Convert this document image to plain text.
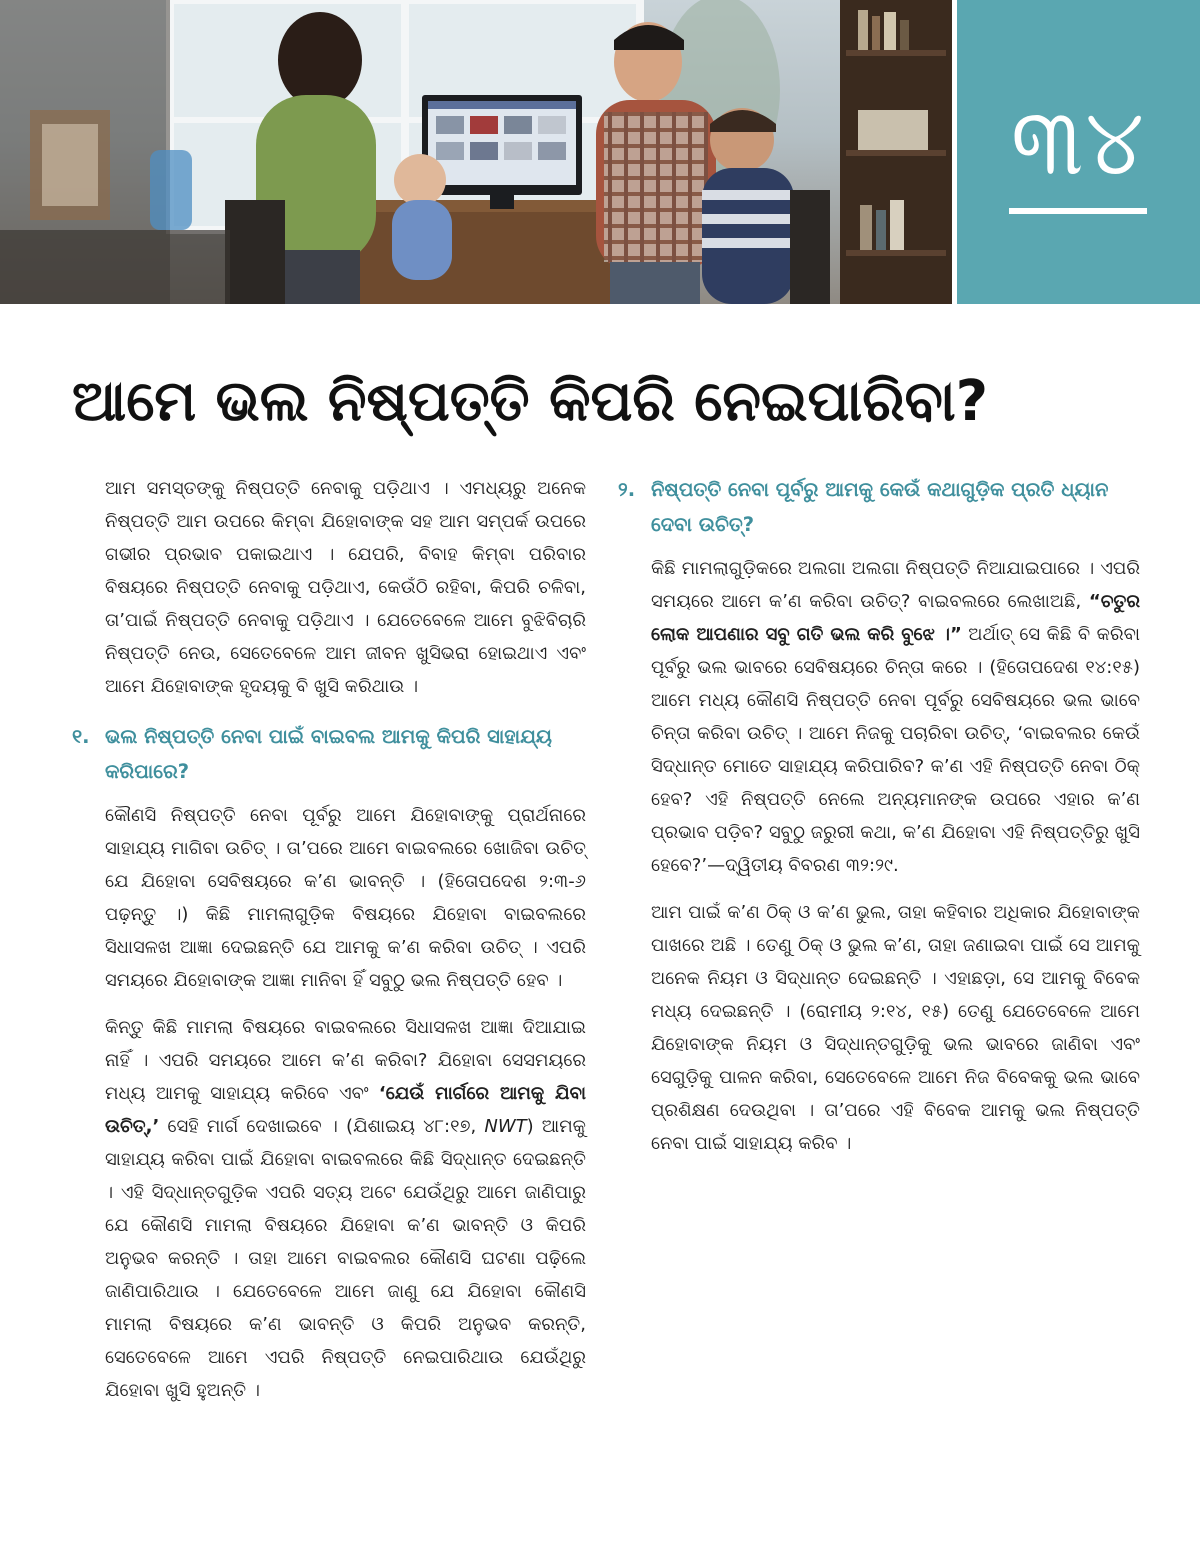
୩୪
ଆମେ ଭଲ ନିଷ୍ପତ୍ତି କିପରି ନେଇପାରିବା?

ଆମ ସମସ୍ତଙ୍କୁ ନିଷ୍ପତ୍ତି ନେବାକୁ ପଡ଼ିଥାଏ । ଏମଧ୍ୟରୁ ଅନେକ ନିଷ୍ପତ୍ତି ଆମ ଉପରେ କିମ୍ବା ଯିହୋବାଙ୍କ ସହ ଆମ ସମ୍ପର୍କ ଉପରେ ଗଭୀର ପ୍ରଭାବ ପକାଇଥାଏ । ଯେପରି, ବିବାହ କିମ୍ବା ପରିବାର ବିଷୟରେ ନିଷ୍ପତ୍ତି ନେବାକୁ ପଡ଼ିଥାଏ, କେଉଁଠି ରହିବା, କିପରି ଚଳିବା, ତା’ପାଇଁ ନିଷ୍ପତ୍ତି ନେବାକୁ ପଡ଼ିଥାଏ । ଯେତେବେଳେ ଆମେ ବୁଝିବିଚାରି ନିଷ୍ପତ୍ତି ନେଉ, ସେତେବେଳେ ଆମ ଜୀବନ ଖୁସିଭରା ହୋଇଥାଏ ଏବଂ ଆମେ ଯିହୋବାଙ୍କ ହୃଦୟକୁ ବି ଖୁସି କରିଥାଉ ।

୧. ଭଲ ନିଷ୍ପତ୍ତି ନେବା ପାଇଁ ବାଇବଲ ଆମକୁ କିପରି ସାହାଯ୍ୟ କରିପାରେ?

କୌଣସି ନିଷ୍ପତ୍ତି ନେବା ପୂର୍ବରୁ ଆମେ ଯିହୋବାଙ୍କୁ ପ୍ରାର୍ଥନାରେ ସାହାଯ୍ୟ ମାଗିବା ଉଚିତ୍‌ । ତା’ପରେ ଆମେ ବାଇବଲରେ ଖୋଜିବା ଉଚିତ୍‌ ଯେ ଯିହୋବା ସେବିଷୟରେ କ’ଣ ଭାବନ୍ତି । (ହିତୋପଦେଶ ୨:୩-୬ ପଢ଼ନ୍ତୁ ।) କିଛି ମାମଲାଗୁଡ଼ିକ ବିଷୟରେ ଯିହୋବା ବାଇବଲରେ ସିଧାସଳଖ ଆଜ୍ଞା ଦେଇଛନ୍ତି ଯେ ଆମକୁ କ’ଣ କରିବା ଉଚିତ୍‌ । ଏପରି ସମୟରେ ଯିହୋବାଙ୍କ ଆଜ୍ଞା ମାନିବା ହିଁ ସବୁଠୁ ଭଲ ନିଷ୍ପତ୍ତି ହେବ ।

କିନ୍ତୁ କିଛି ମାମଲା ବିଷୟରେ ବାଇବଲରେ ସିଧାସଳଖ ଆଜ୍ଞା ଦିଆଯାଇ ନାହିଁ । ଏପରି ସମୟରେ ଆମେ କ’ଣ କରିବା? ଯିହୋବା ସେସମୟରେ ମଧ୍ୟ ଆମକୁ ସାହାଯ୍ୟ କରିବେ ଏବଂ ‘ଯେଉଁ ମାର୍ଗରେ ଆମକୁ ଯିବା ଉଚିତ୍‌,’ ସେହି ମାର୍ଗ ଦେଖାଇବେ । (ଯିଶାଇୟ ୪୮:୧୭, NWT) ଆମକୁ ସାହାଯ୍ୟ କରିବା ପାଇଁ ଯିହୋବା ବାଇବଲରେ କିଛି ସିଦ୍ଧାନ୍ତ ଦେଇଛନ୍ତି । ଏହି ସିଦ୍ଧାନ୍ତଗୁଡ଼ିକ ଏପରି ସତ୍ୟ ଅଟେ ଯେଉଁଥିରୁ ଆମେ ଜାଣିପାରୁ ଯେ କୌଣସି ମାମଲା ବିଷୟରେ ଯିହୋବା କ’ଣ ଭାବନ୍ତି ଓ କିପରି ଅନୁଭବ କରନ୍ତି । ତାହା ଆମେ ବାଇବଲର କୌଣସି ଘଟଣା ପଢ଼ିଲେ ଜାଣିପାରିଥାଉ । ଯେତେବେଳେ ଆମେ ଜାଣୁ ଯେ ଯିହୋବା କୌଣସି ମାମଲା ବିଷୟରେ କ’ଣ ଭାବନ୍ତି ଓ କିପରି ଅନୁଭବ କରନ୍ତି, ସେତେବେଳେ ଆମେ ଏପରି ନିଷ୍ପତ୍ତି ନେଇପାରିଥାଉ ଯେଉଁଥିରୁ ଯିହୋବା ଖୁସି ହୁଅନ୍ତି ।

୨. ନିଷ୍ପତ୍ତି ନେବା ପୂର୍ବରୁ ଆମକୁ କେଉଁ କଥାଗୁଡ଼ିକ ପ୍ରତି ଧ୍ୟାନ ଦେବା ଉଚିତ୍‌?

କିଛି ମାମଲାଗୁଡ଼ିକରେ ଅଲଗା ଅଲଗା ନିଷ୍ପତ୍ତି ନିଆଯାଇପାରେ । ଏପରି ସମୟରେ ଆମେ କ’ଣ କରିବା ଉଚିତ୍‌? ବାଇବଲରେ ଲେଖାଅଛି, “ଚତୁର ଲୋକ ଆପଣାର ସବୁ ଗତି ଭଲ କରି ବୁଝେ ।” ଅର୍ଥାତ୍‌ ସେ କିଛି ବି କରିବା ପୂର୍ବରୁ ଭଲ ଭାବରେ ସେବିଷୟରେ ଚିନ୍ତା କରେ । (ହିତୋପଦେଶ ୧୪:୧୫) ଆମେ ମଧ୍ୟ କୌଣସି ନିଷ୍ପତ୍ତି ନେବା ପୂର୍ବରୁ ସେବିଷୟରେ ଭଲ ଭାବେ ଚିନ୍ତା କରିବା ଉଚିତ୍‌ । ଆମେ ନିଜକୁ ପଚାରିବା ଉଚିତ୍‌, ‘ବାଇବଲର କେଉଁ ସିଦ୍ଧାନ୍ତ ମୋତେ ସାହାଯ୍ୟ କରିପାରିବ? କ’ଣ ଏହି ନିଷ୍ପତ୍ତି ନେବା ଠିକ୍‌ ହେବ? ଏହି ନିଷ୍ପତ୍ତି ନେଲେ ଅନ୍ୟମାନଙ୍କ ଉପରେ ଏହାର କ’ଣ ପ୍ରଭାବ ପଡ଼ିବ? ସବୁଠୁ ଜରୁରୀ କଥା, କ’ଣ ଯିହୋବା ଏହି ନିଷ୍ପତ୍ତିରୁ ଖୁସି ହେବେ?’—ଦ୍ୱିତୀୟ ବିବରଣ ୩୨:୨୯.

ଆମ ପାଇଁ କ’ଣ ଠିକ୍‌ ଓ କ’ଣ ଭୁଲ, ତାହା କହିବାର ଅଧିକାର ଯିହୋବାଙ୍କ ପାଖରେ ଅଛି । ତେଣୁ ଠିକ୍‌ ଓ ଭୁଲ କ’ଣ, ତାହା ଜଣାଇବା ପାଇଁ ସେ ଆମକୁ ଅନେକ ନିୟମ ଓ ସିଦ୍ଧାନ୍ତ ଦେଇଛନ୍ତି । ଏହାଛଡ଼ା, ସେ ଆମକୁ ବିବେକ ମଧ୍ୟ ଦେଇଛନ୍ତି । (ରୋମୀୟ ୨:୧୪, ୧୫) ତେଣୁ ଯେତେବେଳେ ଆମେ ଯିହୋବାଙ୍କ ନିୟମ ଓ ସିଦ୍ଧାନ୍ତଗୁଡ଼ିକୁ ଭଲ ଭାବରେ ଜାଣିବା ଏବଂ ସେଗୁଡ଼ିକୁ ପାଳନ କରିବା, ସେତେବେଳେ ଆମେ ନିଜ ବିବେକକୁ ଭଲ ଭାବେ ପ୍ରଶିକ୍ଷଣ ଦେଉଥିବା । ତା’ପରେ ଏହି ବିବେକ ଆମକୁ ଭଲ ନିଷ୍ପତ୍ତି ନେବା ପାଇଁ ସାହାଯ୍ୟ କରିବ ।
